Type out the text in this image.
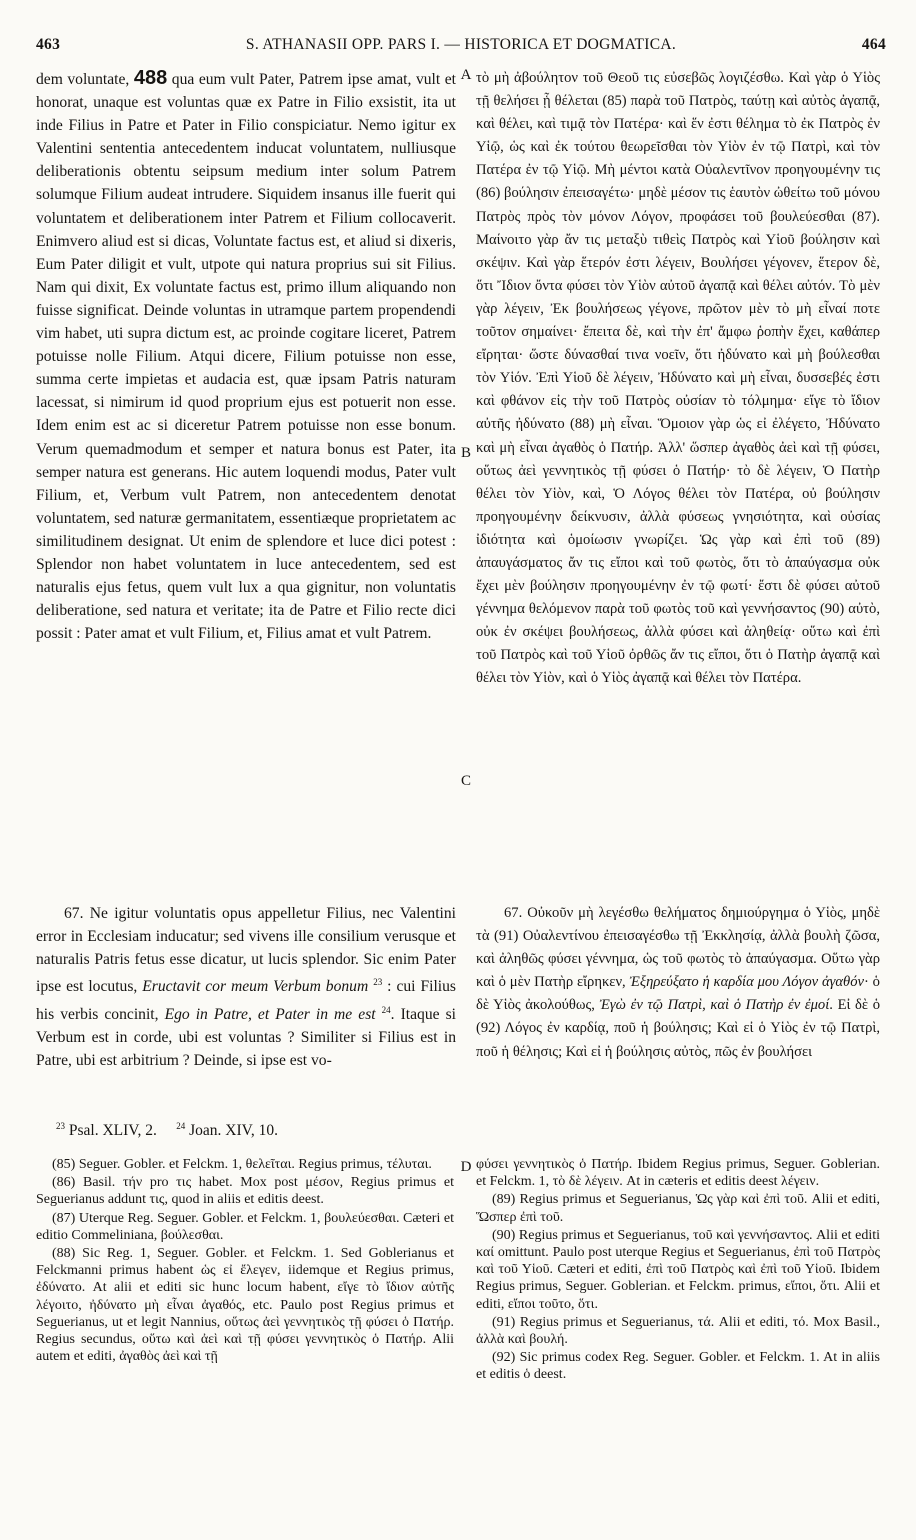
463	S. ATHANASII OPP. PARS I. — HISTORICA ET DOGMATICA.	464

dem voluntate, 488 qua eum vult Pater, Patrem ipse amat, vult et honorat, unaque est voluntas quæ ex Patre in Filio exsistit, ita ut inde Filius in Patre et Pater in Filio conspiciatur. Nemo igitur ex Valentini sententia antecedentem inducat voluntatem, nulliusque deliberationis obtentu seipsum medium inter solum Patrem solumque Filium audeat intrudere. Siquidem insanus ille fuerit qui voluntatem et deliberationem inter Patrem et Filium collocaverit. Enimvero aliud est si dicas, Voluntate factus est, et aliud si dixeris, Eum Pater diligit et vult, utpote qui natura proprius sui sit Filius. Nam qui dixit, Ex voluntate factus est, primo illum aliquando non fuisse significat. Deinde voluntas in utramque partem propendendi vim habet, uti supra dictum est, ac proinde cogitare liceret, Patrem potuisse nolle Filium. Atqui dicere, Filium potuisse non esse, summa certe impietas et audacia est, quæ ipsam Patris naturam lacessat, si nimirum id quod proprium ejus est potuerit non esse. Idem enim est ac si diceretur Patrem potuisse non esse bonum. Verum quemadmodum et semper et natura bonus est Pater, ita semper natura est generans. Hic autem loquendi modus, Pater vult Filium, et, Verbum vult Patrem, non antecedentem denotat voluntatem, sed naturæ germanitatem, essentiæque proprietatem ac similitudinem designat. Ut enim de splendore et luce dici potest : Splendor non habet voluntatem in luce antecedentem, sed est naturalis ejus fetus, quem vult lux a qua gignitur, non voluntatis deliberatione, sed natura et veritate; ita de Patre et Filio recte dici possit : Pater amat et vult Filium, et, Filius amat et vult Patrem.

67. Ne igitur voluntatis opus appelletur Filius, nec Valentini error in Ecclesiam inducatur; sed vivens ille consilium verusque et naturalis Patris fetus esse dicatur, ut lucis splendor. Sic enim Pater ipse est locutus, Eructavit cor meum Verbum bonum $^{23}$ : cui Filius his verbis concinit, Ego in Patre, et Pater in me est $^{24}$. Itaque si Verbum est in corde, ubi est voluntas ? Similiter si Filius est in Patre, ubi est arbitrium ? Deinde, si ipse est vo-

A
B
C
D

τὸ μὴ ἀβούλητον τοῦ Θεοῦ τις εὐσεβῶς λογιζέσθω. Καὶ γὰρ ὁ Υἱὸς τῇ θελήσει ᾗ θέλεται (85) παρὰ τοῦ Πατρὸς, ταύτῃ καὶ αὐτὸς ἀγαπᾷ, καὶ θέλει, καὶ τιμᾷ τὸν Πατέρα· καὶ ἕν ἐστι θέλημα τὸ ἐκ Πατρὸς ἐν Υἱῷ, ὡς καὶ ἐκ τούτου θεωρεῖσθαι τὸν Υἱὸν ἐν τῷ Πατρὶ, καὶ τὸν Πατέρα ἐν τῷ Υἱῷ. Μὴ μέντοι κατὰ Οὐαλεντῖνον προηγουμένην τις (86) βούλησιν ἐπεισαγέτω· μηδὲ μέσον τις ἑαυτὸν ὠθείτω τοῦ μόνου Πατρὸς πρὸς τὸν μόνον Λόγον, προφάσει τοῦ βουλεύεσθαι (87). Μαίνοιτο γὰρ ἄν τις μεταξὺ τιθεὶς Πατρὸς καὶ Υἱοῦ βούλησιν καὶ σκέψιν. Καὶ γὰρ ἕτερόν ἐστι λέγειν, Βουλήσει γέγονεν, ἕτερον δὲ, ὅτι Ἴδιον ὄντα φύσει τὸν Υἱὸν αὐτοῦ ἀγαπᾷ καὶ θέλει αὐτόν. Τὸ μὲν γὰρ λέγειν, Ἐκ βουλήσεως γέγονε, πρῶτον μὲν τὸ μὴ εἶναί ποτε τοῦτον σημαίνει· ἔπειτα δὲ, καὶ τὴν ἐπ' ἄμφω ῥοπὴν ἔχει, καθάπερ εἴρηται· ὥστε δύνασθαί τινα νοεῖν, ὅτι ἠδύνατο καὶ μὴ βούλεσθαι τὸν Υἱόν. Ἐπὶ Υἱοῦ δὲ λέγειν, Ἠδύνατο καὶ μὴ εἶναι, δυσσεβές ἐστι καὶ φθάνον εἰς τὴν τοῦ Πατρὸς οὐσίαν τὸ τόλμημα· εἴγε τὸ ἴδιον αὐτῆς ἠδύνατο (88) μὴ εἶναι. Ὅμοιον γὰρ ὡς εἰ ἐλέγετο, Ἠδύνατο καὶ μὴ εἶναι ἀγαθὸς ὁ Πατήρ. Ἀλλ' ὥσπερ ἀγαθὸς ἀεὶ καὶ τῇ φύσει, οὕτως ἀεὶ γεννητικὸς τῇ φύσει ὁ Πατήρ· τὸ δὲ λέγειν, Ὁ Πατὴρ θέλει τὸν Υἱὸν, καὶ, Ὁ Λόγος θέλει τὸν Πατέρα, οὐ βούλησιν προηγουμένην δείκνυσιν, ἀλλὰ φύσεως γνησιότητα, καὶ οὐσίας ἰδιότητα καὶ ὁμοίωσιν γνωρίζει. Ὡς γὰρ καὶ ἐπὶ τοῦ (89) ἀπαυγάσματος ἄν τις εἴποι καὶ τοῦ φωτὸς, ὅτι τὸ ἀπαύγασμα οὐκ ἔχει μὲν βούλησιν προηγουμένην ἐν τῷ φωτί· ἔστι δὲ φύσει αὐτοῦ γέννημα θελόμενον παρὰ τοῦ φωτὸς τοῦ καὶ γεννήσαντος (90) αὐτὸ, οὐκ ἐν σκέψει βουλήσεως, ἀλλὰ φύσει καὶ ἀληθείᾳ· οὕτω καὶ ἐπὶ τοῦ Πατρὸς καὶ τοῦ Υἱοῦ ὀρθῶς ἄν τις εἴποι, ὅτι ὁ Πατὴρ ἀγαπᾷ καὶ θέλει τὸν Υἱὸν, καὶ ὁ Υἱὸς ἀγαπᾷ καὶ θέλει τὸν Πατέρα.

67. Οὐκοῦν μὴ λεγέσθω θελήματος δημιούργημα ὁ Υἱὸς, μηδὲ τὰ (91) Οὐαλεντίνου ἐπεισαγέσθω τῇ Ἐκκλησίᾳ, ἀλλὰ βουλὴ ζῶσα, καὶ ἀληθῶς φύσει γέννημα, ὡς τοῦ φωτὸς τὸ ἀπαύγασμα. Οὕτω γὰρ καὶ ὁ μὲν Πατὴρ εἴρηκεν, Ἐξηρεύξατο ἡ καρδία μου Λόγον ἀγαθόν· ὁ δὲ Υἱὸς ἀκολούθως, Ἐγὼ ἐν τῷ Πατρὶ, καὶ ὁ Πατὴρ ἐν ἐμοί. Εἰ δὲ ὁ (92) Λόγος ἐν καρδίᾳ, ποῦ ἡ βούλησις; Καὶ εἰ ὁ Υἱὸς ἐν τῷ Πατρὶ, ποῦ ἡ θέλησις; Καὶ εἰ ἡ βούλησις αὐτὸς, πῶς ἐν βουλήσει

$^{23}$ Psal. XLIV, 2. $^{24}$ Joan. XIV, 10.

(85) Seguer. Gobler. et Felckm. 1, θελεῖται. Regius primus, τέλυται.

(86) Basil. τήν pro τις habet. Mox post μέσον, Regius primus et Seguerianus addunt τις, quod in aliis et editis deest.

(87) Uterque Reg. Seguer. Gobler. et Felckm. 1, βουλεύεσθαι. Cæteri et editio Commeliniana, βούλεσθαι.

(88) Sic Reg. 1, Seguer. Gobler. et Felckm. 1. Sed Goblerianus et Felckmanni primus habent ὡς εἰ ἔλεγεν, iidemque et Regius primus, ἐδύνατο. At alii et editi sic hunc locum habent, εἴγε τὸ ἴδιον αὐτῆς λέγοιτο, ἠδύνατο μὴ εἶναι ἀγαθός, etc. Paulo post Regius primus et Seguerianus, ut et legit Nannius, οὕτως ἀεὶ γεννητικὸς τῇ φύσει ὁ Πατήρ. Regius secundus, οὕτω καὶ ἀεὶ καὶ τῇ φύσει γεννητικὸς ὁ Πατήρ. Alii autem et editi, ἀγαθὸς ἀεὶ καὶ τῇ

φύσει γεννητικὸς ὁ Πατήρ. Ibidem Regius primus, Seguer. Goblerian. et Felckm. 1, τὸ δὲ λέγειν. At in cæteris et editis deest λέγειν.

(89) Regius primus et Seguerianus, Ὡς γὰρ καὶ ἐπὶ τοῦ. Alii et editi, Ὥσπερ ἐπὶ τοῦ.

(90) Regius primus et Seguerianus, τοῦ καὶ γεννήσαντος. Alii et editi καί omittunt. Paulo post uterque Regius et Seguerianus, ἐπὶ τοῦ Πατρὸς καὶ τοῦ Υἱοῦ. Cæteri et editi, ἐπὶ τοῦ Πατρὸς καὶ ἐπὶ τοῦ Υἱοῦ. Ibidem Regius primus, Seguer. Goblerian. et Felckm. primus, εἴποι, ὅτι. Alii et editi, εἴποι τοῦτο, ὅτι.

(91) Regius primus et Seguerianus, τά. Alii et editi, τό. Mox Basil., ἀλλὰ καὶ βουλή.

(92) Sic primus codex Reg. Seguer. Gobler. et Felckm. 1. At in aliis et editis ὁ deest.
